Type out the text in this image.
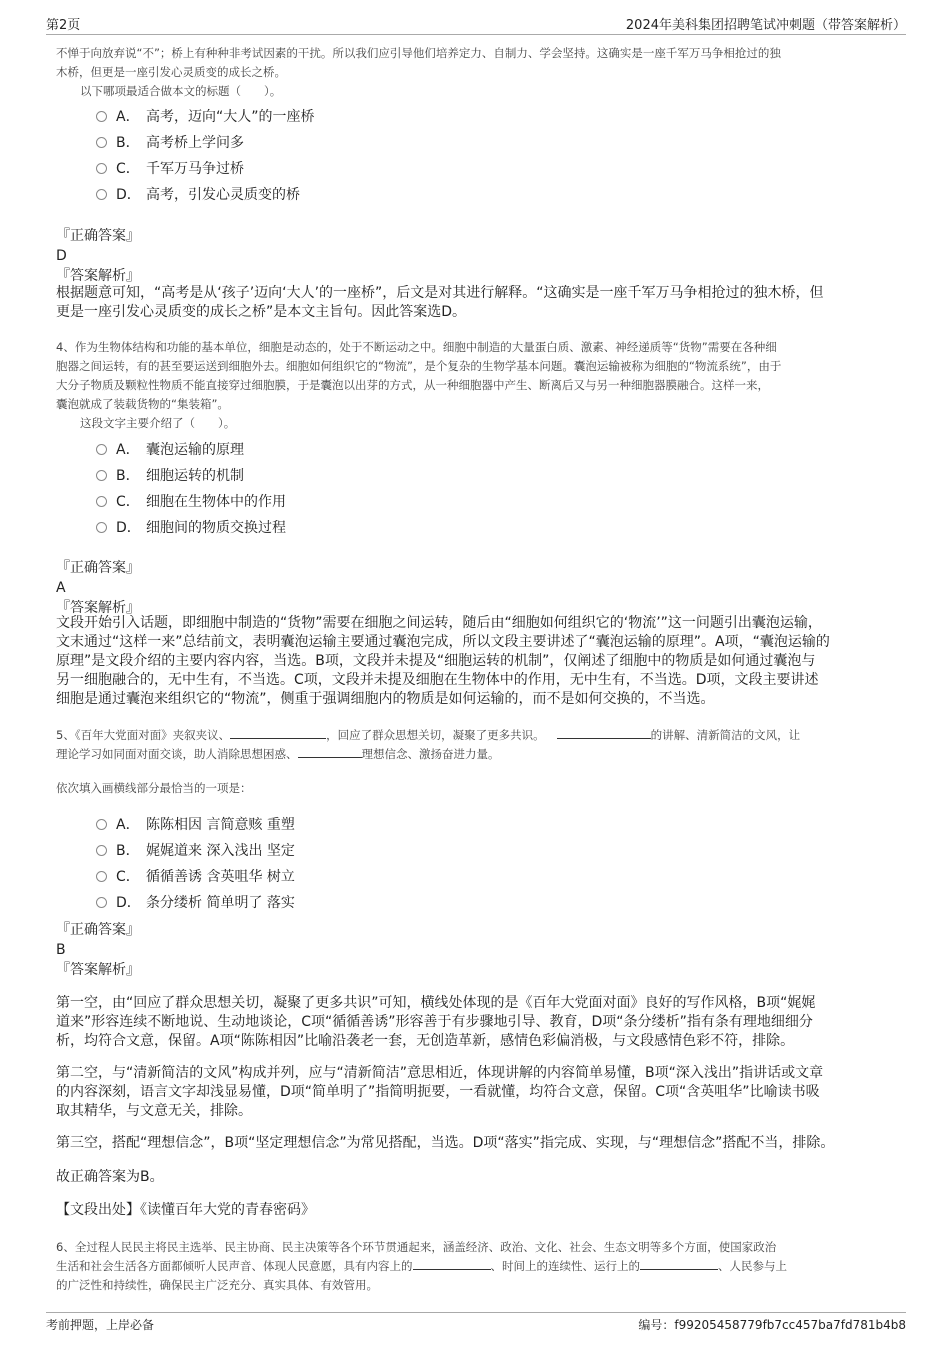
第2页	2024年美科集团招聘笔试冲刺题（带答案解析）
不惮于向放弃说“不”；桥上有种种非考试因素的干扰。所以我们应引导他们培养定力、自制力、学会坚持。这确实是一座千军万马争相抢过的独
木桥，但更是一座引发心灵质变的成长之桥。
以下哪项最适合做本文的标题（　　）。
A． 高考，迈向“大人”的一座桥
B． 高考桥上学问多
C． 千军万马争过桥
D． 高考，引发心灵质变的桥
『正确答案』
D
『答案解析』
根据题意可知，“高考是从‘孩子’迈向‘大人’的一座桥”，后文是对其进行解释。“这确实是一座千军万马争相抢过的独木桥，但
更是一座引发心灵质变的成长之桥”是本文主旨句。因此答案选D。
4、作为生物体结构和功能的基本单位，细胞是动态的，处于不断运动之中。细胞中制造的大量蛋白质、激素、神经递质等“货物”需要在各种细
胞器之间运转，有的甚至要运送到细胞外去。细胞如何组织它的“物流”，是个复杂的生物学基本问题。囊泡运输被称为细胞的“物流系统”，由于
大分子物质及颗粒性物质不能直接穿过细胞膜，于是囊泡以出芽的方式，从一种细胞器中产生、断离后又与另一种细胞器膜融合。这样一来，
囊泡就成了装载货物的“集装箱”。
这段文字主要介绍了（　　）。
A． 囊泡运输的原理
B． 细胞运转的机制
C． 细胞在生物体中的作用
D． 细胞间的物质交换过程
『正确答案』
A
『答案解析』
文段开始引入话题，即细胞中制造的“货物”需要在细胞之间运转，随后由“细胞如何组织它的‘物流’”这一问题引出囊泡运输，
文末通过“这样一来”总结前文，表明囊泡运输主要通过囊泡完成，所以文段主要讲述了“囊泡运输的原理”。A项，“囊泡运输的
原理”是文段介绍的主要内容内容，当选。B项，文段并未提及“细胞运转的机制”，仅阐述了细胞中的物质是如何通过囊泡与
另一细胞融合的，无中生有，不当选。C项，文段并未提及细胞在生物体中的作用，无中生有，不当选。D项，文段主要讲述
细胞是通过囊泡来组织它的“物流”，侧重于强调细胞内的物质是如何运输的，而不是如何交换的，不当选。
5、《百年大党面对面》夹叙夹议、	，回应了群众思想关切，凝聚了更多共识。	的讲解、清新简洁的文风，让
理论学习如同面对面交谈，助人消除思想困惑、	理想信念、激扬奋进力量。
依次填入画横线部分最恰当的一项是：
A． 陈陈相因 言简意赅 重塑
B． 娓娓道来 深入浅出 坚定
C． 循循善诱 含英咀华 树立
D． 条分缕析 简单明了 落实
『正确答案』
B
『答案解析』
第一空，由“回应了群众思想关切，凝聚了更多共识”可知，横线处体现的是《百年大党面对面》良好的写作风格，B项“娓娓
道来”形容连续不断地说、生动地谈论，C项“循循善诱”形容善于有步骤地引导、教育，D项“条分缕析”指有条有理地细细分
析，均符合文意，保留。A项“陈陈相因”比喻沿袭老一套，无创造革新，感情色彩偏消极，与文段感情色彩不符，排除。
第二空，与“清新简洁的文风”构成并列，应与“清新简洁”意思相近，体现讲解的内容简单易懂，B项“深入浅出”指讲话或文章
的内容深刻，语言文字却浅显易懂，D项“简单明了”指简明扼要，一看就懂，均符合文意，保留。C项“含英咀华”比喻读书吸
取其精华，与文意无关，排除。
第三空，搭配“理想信念”，B项“坚定理想信念”为常见搭配，当选。D项“落实”指完成、实现，与“理想信念”搭配不当，排除。
故正确答案为B。
【文段出处】《读懂百年大党的青春密码》
6、全过程人民民主将民主选举、民主协商、民主决策等各个环节贯通起来，涵盖经济、政治、文化、社会、生态文明等多个方面，使国家政治
生活和社会生活各方面都倾听人民声音、体现人民意愿，具有内容上的	、时间上的连续性、运行上的	、人民参与上
的广泛性和持续性，确保民主广泛充分、真实具体、有效管用。
考前押题，上岸必备	编号：f99205458779fb7cc457ba7fd781b4b8
